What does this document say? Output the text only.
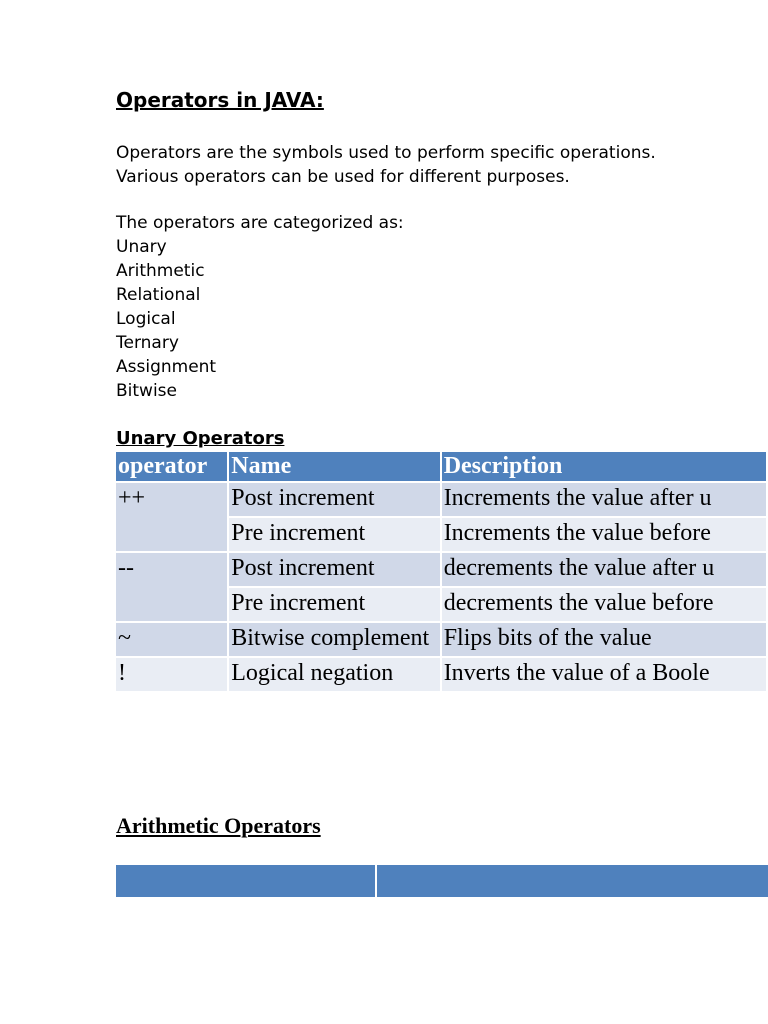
Operators in JAVA:

Operators are the symbols used to perform specific operations.

Various operators can be used for different purposes.

The operators are categorized as:

Unary
Arithmetic
Relational
Logical
Ternary
Assignment
Bitwise
Unary Operators
operator	Name	Description
++	Post increment	Increments the value after u
	Pre increment	Increments the value before
--	Post increment	decrements the value after u
	Pre increment	decrements the value before
~	Bitwise complement	Flips bits of the value
!	Logical negation	Inverts the value of a Boole
Arithmetic Operators
